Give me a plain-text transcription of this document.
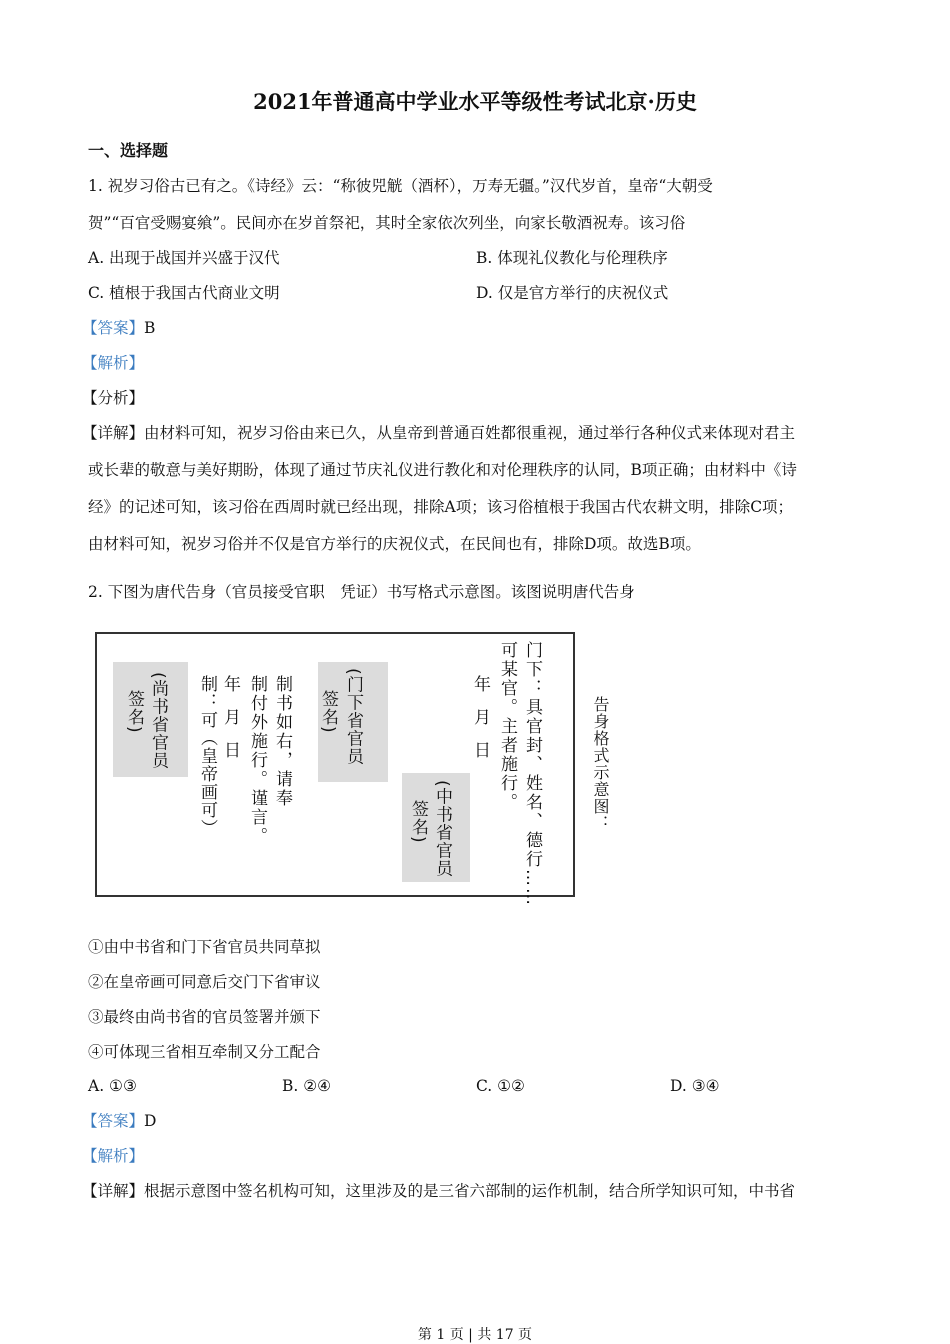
2021年普通高中学业水平等级性考试北京·历史
一、选择题
1. 祝岁习俗古已有之。《诗经》云：“称彼兕觥（酒杯），万寿无疆。”汉代岁首，皇帝“大朝受
贺”“百官受赐宴飨”。民间亦在岁首祭祀，其时全家依次列坐，向家长敬酒祝寿。该习俗
A. 出现于战国并兴盛于汉代	B. 体现礼仪教化与伦理秩序
C. 植根于我国古代商业文明	D. 仅是官方举行的庆祝仪式
【答案】B
【解析】
【分析】
【详解】由材料可知，祝岁习俗由来已久，从皇帝到普通百姓都很重视，通过举行各种仪式来体现对君主
或长辈的敬意与美好期盼，体现了通过节庆礼仪进行教化和对伦理秩序的认同，B项正确；由材料中《诗
经》的记述可知，该习俗在西周时就已经出现，排除A项；该习俗植根于我国古代农耕文明，排除C项；
由材料可知，祝岁习俗并不仅是官方举行的庆祝仪式，在民间也有，排除D项。故选B项。
2. 下图为唐代告身（官员接受官职　凭证）书写格式示意图。该图说明唐代告身
门下：具官封、姓名、德行……
可某官。主者施行。
年月日
(中书省官员
签名)
(门下省官员
签名)
制书如右，请奉
制付外施行。谨言。
年月日
制：可（皇帝画可）
(尚书省官员
签名)	告身格式示意图：
①由中书省和门下省官员共同草拟
②在皇帝画可同意后交门下省审议
③最终由尚书省的官员签署并颁下
④可体现三省相互牵制又分工配合
A. ①③	B. ②④	C. ①②	D. ③④
【答案】D
【解析】
【详解】根据示意图中签名机构可知，这里涉及的是三省六部制的运作机制，结合所学知识可知，中书省
第 1 页 | 共 17 页
